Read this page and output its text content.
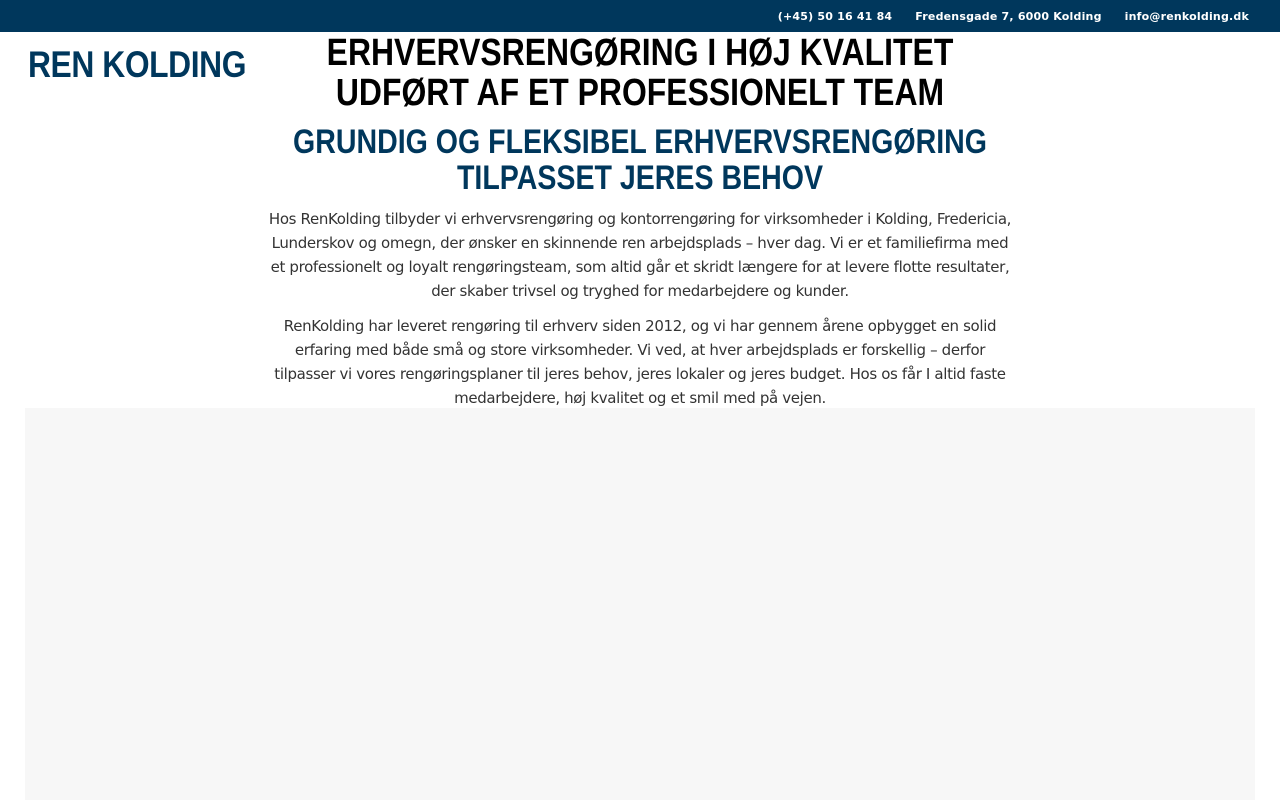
(+45) 50 16 41 84 Fredensgade 7, 6000 Kolding info@renkolding.dk
REN KOLDING	ERHVERVSRENGØRING I HØJ KVALITET UDFØRT AF ET PROFESSIONELT TEAM
GRUNDIG OG FLEKSIBEL ERHVERVSRENGØRING TILPASSET JERES BEHOV

Hos RenKolding tilbyder vi erhvervsrengøring og kontorrengøring for virksomheder i Kolding, Fredericia, Lunderskov og omegn, der ønsker en skinnende ren arbejdsplads – hver dag. Vi er et familiefirma med et professionelt og loyalt rengøringsteam, som altid går et skridt længere for at levere flotte resultater, der skaber trivsel og tryghed for medarbejdere og kunder.

RenKolding har leveret rengøring til erhverv siden 2012, og vi har gennem årene opbygget en solid erfaring med både små og store virksomheder. Vi ved, at hver arbejdsplads er forskellig – derfor tilpasser vi vores rengøringsplaner til jeres behov, jeres lokaler og jeres budget. Hos os får I altid faste medarbejdere, høj kvalitet og et smil med på vejen.
